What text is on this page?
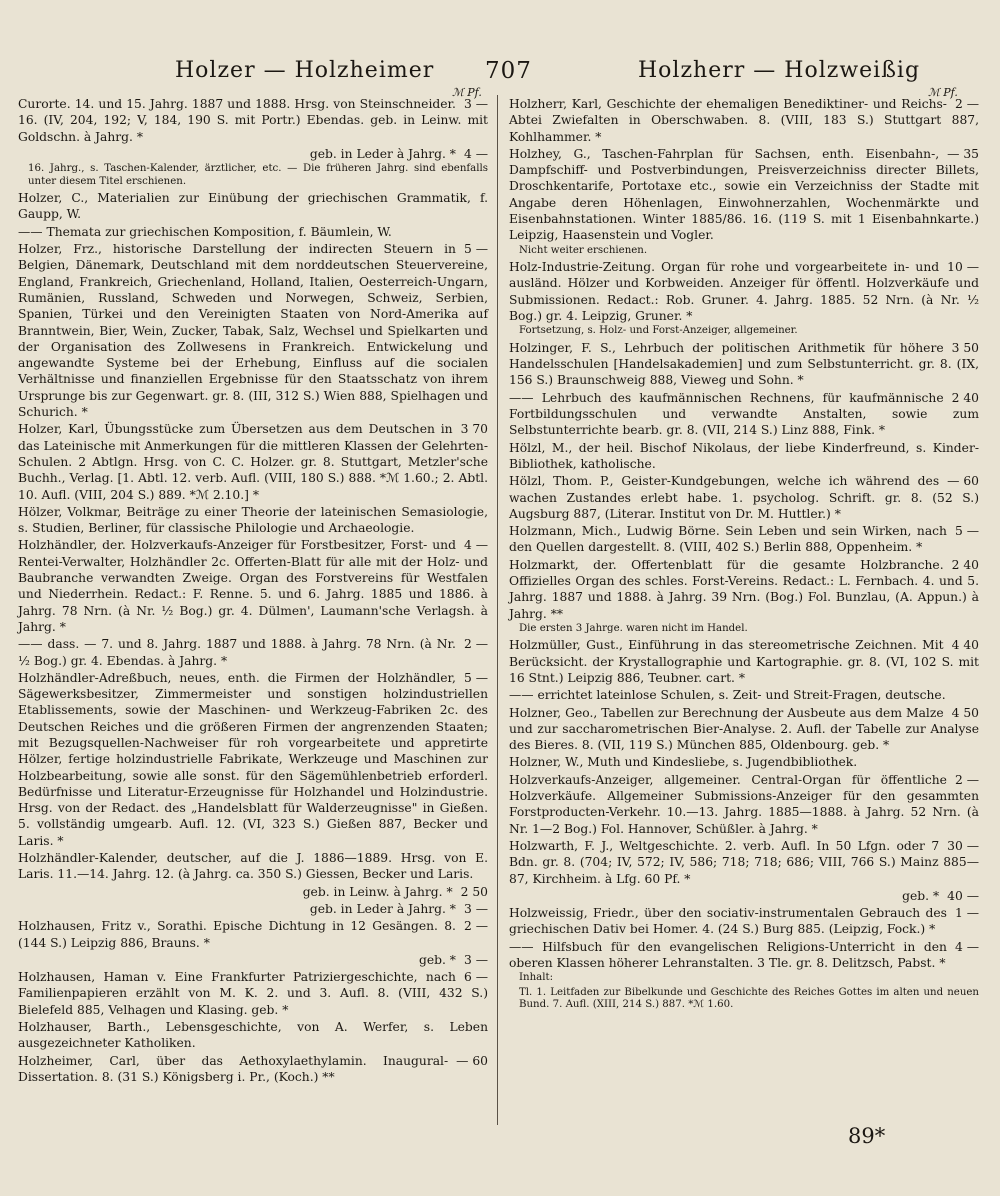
Holzer — Holzheimer 707	Holzherr — Holzweißig
ℳ Pf.	ℳ Pf.
3 —
Curorte. 14. und 15. Jahrg. 1887 und 1888. Hrsg. von Steinschneider. 16. (IV, 204, 192; V, 184, 190 S. mit Portr.) Ebendas. geb. in Leinw. mit Goldschn. à Jahrg. *
4 —
geb. in Leder à Jahrg. *
16. Jahrg., s. Taschen-Kalender, ärztlicher, etc. — Die früheren Jahrg. sind ebenfalls unter diesem Titel erschienen.
Holzer, C., Materialien zur Einübung der griechischen Grammatik, f. Gaupp, W.
—— Themata zur griechischen Komposition, f. Bäumlein, W.
5 —
Holzer, Frz., historische Darstellung der indirecten Steuern in Belgien, Dänemark, Deutschland mit dem norddeutschen Steuervereine, England, Frankreich, Griechenland, Holland, Italien, Oesterreich-Ungarn, Rumänien, Russland, Schweden und Norwegen, Schweiz, Serbien, Spanien, Türkei und den Vereinigten Staaten von Nord-Amerika auf Branntwein, Bier, Wein, Zucker, Tabak, Salz, Wechsel und Spielkarten und der Organisation des Zollwesens in Frankreich. Entwickelung und angewandte Systeme bei der Erhebung, Einfluss auf die socialen Verhältnisse und finanziellen Ergebnisse für den Staatsschatz von ihrem Ursprunge bis zur Gegenwart. gr. 8. (III, 312 S.) Wien 888, Spielhagen und Schurich. *
3 70
Holzer, Karl, Übungsstücke zum Übersetzen aus dem Deutschen in das Lateinische mit Anmerkungen für die mittleren Klassen der Gelehrten-Schulen. 2 Abtlgn. Hrsg. von C. C. Holzer. gr. 8. Stuttgart, Metzler'sche Buchh., Verlag. [1. Abtl. 12. verb. Aufl. (VIII, 180 S.) 888. *ℳ 1.60.; 2. Abtl. 10. Aufl. (VIII, 204 S.) 889. *ℳ 2.10.] *
Hölzer, Volkmar, Beiträge zu einer Theorie der lateinischen Semasiologie, s. Studien, Berliner, für classische Philologie und Archaeologie.
4 —
Holzhändler, der. Holzverkaufs-Anzeiger für Forstbesitzer, Forst- und Rentei-Verwalter, Holzhändler 2c. Offerten-Blatt für alle mit der Holz- und Baubranche verwandten Zweige. Organ des Forstvereins für Westfalen und Niederrhein. Redact.: F. Renne. 5. und 6. Jahrg. 1885 und 1886. à Jahrg. 78 Nrn. (à Nr. ½ Bog.) gr. 4. Dülmen', Laumann'sche Verlagsh. à Jahrg. *
2 —
—— dass. — 7. und 8. Jahrg. 1887 und 1888. à Jahrg. 78 Nrn. (à Nr. ½ Bog.) gr. 4. Ebendas. à Jahrg. *
5 —
Holzhändler-Adreßbuch, neues, enth. die Firmen der Holzhändler, Sägewerksbesitzer, Zimmermeister und sonstigen holzindustriellen Etablissements, sowie der Maschinen- und Werkzeug-Fabriken 2c. des Deutschen Reiches und die größeren Firmen der angrenzenden Staaten; mit Bezugsquellen-Nachweiser für roh vorgearbeitete und appretirte Hölzer, fertige holzindustrielle Fabrikate, Werkzeuge und Maschinen zur Holzbearbeitung, sowie alle sonst. für den Sägemühlenbetrieb erforderl. Bedürfnisse und Literatur-Erzeugnisse für Holzhandel und Holzindustrie. Hrsg. von der Redact. des „Handelsblatt für Walderzeugnisse" in Gießen. 5. vollständig umgearb. Aufl. 12. (VI, 323 S.) Gießen 887, Becker und Laris. *
Holzhändler-Kalender, deutscher, auf die J. 1886—1889. Hrsg. von E. Laris. 11.—14. Jahrg. 12. (à Jahrg. ca. 350 S.) Giessen, Becker und Laris.
2 50
geb. in Leinw. à Jahrg. *
3 —
geb. in Leder à Jahrg. *
2 —
Holzhausen, Fritz v., Sorathi. Epische Dichtung in 12 Gesängen. 8. (144 S.) Leipzig 886, Brauns. *
3 —
geb. *
6 —
Holzhausen, Haman v. Eine Frankfurter Patriziergeschichte, nach Familienpapieren erzählt von M. K. 2. und 3. Aufl. 8. (VIII, 432 S.) Bielefeld 885, Velhagen und Klasing. geb. *
Holzhauser, Barth., Lebensgeschichte, von A. Werfer, s. Leben ausgezeichneter Katholiken.
— 60
Holzheimer, Carl, über das Aethoxylaethylamin. Inaugural-Dissertation. 8. (31 S.) Königsberg i. Pr., (Koch.) **
2 —
Holzherr, Karl, Geschichte der ehemaligen Benediktiner- und Reichs-Abtei Zwiefalten in Oberschwaben. 8. (VIII, 183 S.) Stuttgart 887, Kohlhammer. *
— 35
Holzhey, G., Taschen-Fahrplan für Sachsen, enth. Eisenbahn-, Dampfschiff- und Postverbindungen, Preisverzeichniss directer Billets, Droschkentarife, Portotaxe etc., sowie ein Verzeichniss der Stadte mit Angabe deren Höhenlagen, Einwohnerzahlen, Wochenmärkte und Eisenbahnstationen. Winter 1885/86. 16. (119 S. mit 1 Eisenbahnkarte.) Leipzig, Haasenstein und Vogler.
Nicht weiter erschienen.
10 —
Holz-Industrie-Zeitung. Organ für rohe und vorgearbeitete in- und ausländ. Hölzer und Korbweiden. Anzeiger für öffentl. Holzverkäufe und Submissionen. Redact.: Rob. Gruner. 4. Jahrg. 1885. 52 Nrn. (à Nr. ½ Bog.) gr. 4. Leipzig, Gruner. *
Fortsetzung, s. Holz- und Forst-Anzeiger, allgemeiner.
3 50
Holzinger, F. S., Lehrbuch der politischen Arithmetik für höhere Handelsschulen [Handelsakademien] und zum Selbstunterricht. gr. 8. (IX, 156 S.) Braunschweig 888, Vieweg und Sohn. *
2 40
—— Lehrbuch des kaufmännischen Rechnens, für kaufmännische Fortbildungsschulen und verwandte Anstalten, sowie zum Selbstunterrichte bearb. gr. 8. (VII, 214 S.) Linz 888, Fink. *
Hölzl, M., der heil. Bischof Nikolaus, der liebe Kinderfreund, s. Kinder-Bibliothek, katholische.
— 60
Hölzl, Thom. P., Geister-Kundgebungen, welche ich während des wachen Zustandes erlebt habe. 1. psycholog. Schrift. gr. 8. (52 S.) Augsburg 887, (Literar. Institut von Dr. M. Huttler.) *
5 —
Holzmann, Mich., Ludwig Börne. Sein Leben und sein Wirken, nach den Quellen dargestellt. 8. (VIII, 402 S.) Berlin 888, Oppenheim. *
2 40
Holzmarkt, der. Offertenblatt für die gesamte Holzbranche. Offizielles Organ des schles. Forst-Vereins. Redact.: L. Fernbach. 4. und 5. Jahrg. 1887 und 1888. à Jahrg. 39 Nrn. (Bog.) Fol. Bunzlau, (A. Appun.) à Jahrg. **
Die ersten 3 Jahrge. waren nicht im Handel.
4 40
Holzmüller, Gust., Einführung in das stereometrische Zeichnen. Mit Berücksicht. der Krystallographie und Kartographie. gr. 8. (VI, 102 S. mit 16 Stnt.) Leipzig 886, Teubner. cart. *
—— errichtet lateinlose Schulen, s. Zeit- und Streit-Fragen, deutsche.
4 50
Holzner, Geo., Tabellen zur Berechnung der Ausbeute aus dem Malze und zur saccharometrischen Bier-Analyse. 2. Aufl. der Tabelle zur Analyse des Bieres. 8. (VII, 119 S.) München 885, Oldenbourg. geb. *
Holzner, W., Muth und Kindesliebe, s. Jugendbibliothek.
2 —
Holzverkaufs-Anzeiger, allgemeiner. Central-Organ für öffentliche Holzverkäufe. Allgemeiner Submissions-Anzeiger für den gesammten Forstproducten-Verkehr. 10.—13. Jahrg. 1885—1888. à Jahrg. 52 Nrn. (à Nr. 1—2 Bog.) Fol. Hannover, Schüßler. à Jahrg. *
30 —
Holzwarth, F. J., Weltgeschichte. 2. verb. Aufl. In 50 Lfgn. oder 7 Bdn. gr. 8. (704; IV, 572; IV, 586; 718; 718; 686; VIII, 766 S.) Mainz 885—87, Kirchheim. à Lfg. 60 Pf. *
40 —
geb. *
1 —
Holzweissig, Friedr., über den sociativ-instrumentalen Gebrauch des griechischen Dativ bei Homer. 4. (24 S.) Burg 885. (Leipzig, Fock.) *
4 —
—— Hilfsbuch für den evangelischen Religions-Unterricht in den oberen Klassen höherer Lehranstalten. 3 Tle. gr. 8. Delitzsch, Pabst. *
Inhalt:
Tl. 1. Leitfaden zur Bibelkunde und Geschichte des Reiches Gottes im alten und neuen Bund. 7. Aufl. (XIII, 214 S.) 887. *ℳ 1.60.
89*
